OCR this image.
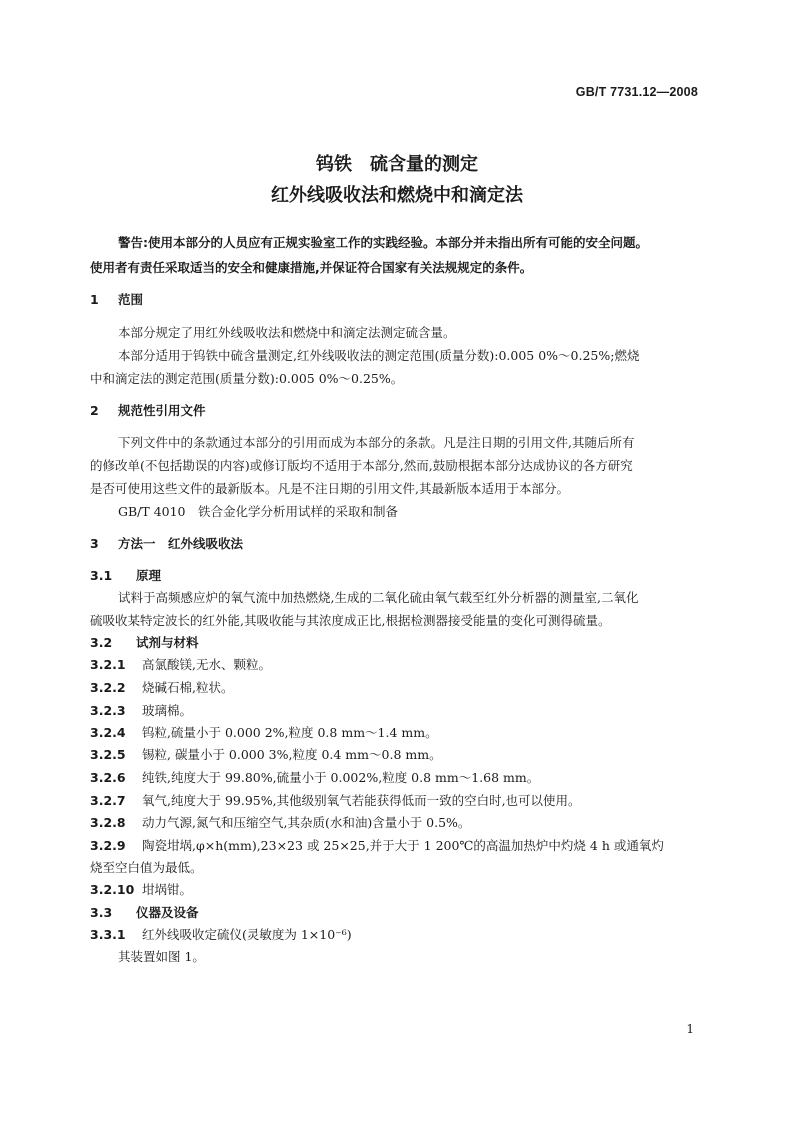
GB/T 7731.12—2008
钨铁　硫含量的测定
红外线吸收法和燃烧中和滴定法
警告:使用本部分的人员应有正规实验室工作的实践经验。本部分并未指出所有可能的安全问题。
使用者有责任采取适当的安全和健康措施,并保证符合国家有关法规规定的条件。
1 范围
本部分规定了用红外线吸收法和燃烧中和滴定法测定硫含量。
本部分适用于钨铁中硫含量测定,红外线吸收法的测定范围(质量分数):0.005 0%～0.25%;燃烧
中和滴定法的测定范围(质量分数):0.005 0%～0.25%。
2 规范性引用文件
下列文件中的条款通过本部分的引用而成为本部分的条款。凡是注日期的引用文件,其随后所有
的修改单(不包括勘误的内容)或修订版均不适用于本部分,然而,鼓励根据本部分达成协议的各方研究
是否可使用这些文件的最新版本。凡是不注日期的引用文件,其最新版本适用于本部分。
GB/T 4010　铁合金化学分析用试样的采取和制备
3 方法一　红外线吸收法
3.1 原理
试料于高频感应炉的氧气流中加热燃烧,生成的二氧化硫由氧气载至红外分析器的测量室,二氧化
硫吸收某特定波长的红外能,其吸收能与其浓度成正比,根据检测器接受能量的变化可测得硫量。
3.2 试剂与材料
3.2.1 高氯酸镁,无水、颗粒。
3.2.2 烧碱石棉,粒状。
3.2.3 玻璃棉。
3.2.4 钨粒,硫量小于 0.000 2%,粒度 0.8 mm～1.4 mm。
3.2.5 锡粒, 碳量小于 0.000 3%,粒度 0.4 mm～0.8 mm。
3.2.6 纯铁,纯度大于 99.80%,硫量小于 0.002%,粒度 0.8 mm～1.68 mm。
3.2.7 氧气,纯度大于 99.95%,其他级别氧气若能获得低而一致的空白时,也可以使用。
3.2.8 动力气源,氮气和压缩空气,其杂质(水和油)含量小于 0.5%。
3.2.9 陶瓷坩埚,φ×h(mm),23×23 或 25×25,并于大于 1 200℃的高温加热炉中灼烧 4 h 或通氧灼
烧至空白值为最低。
3.2.10 坩埚钳。
3.3 仪器及设备
3.3.1 红外线吸收定硫仪(灵敏度为 1×10⁻⁶)
其装置如图 1。
1
